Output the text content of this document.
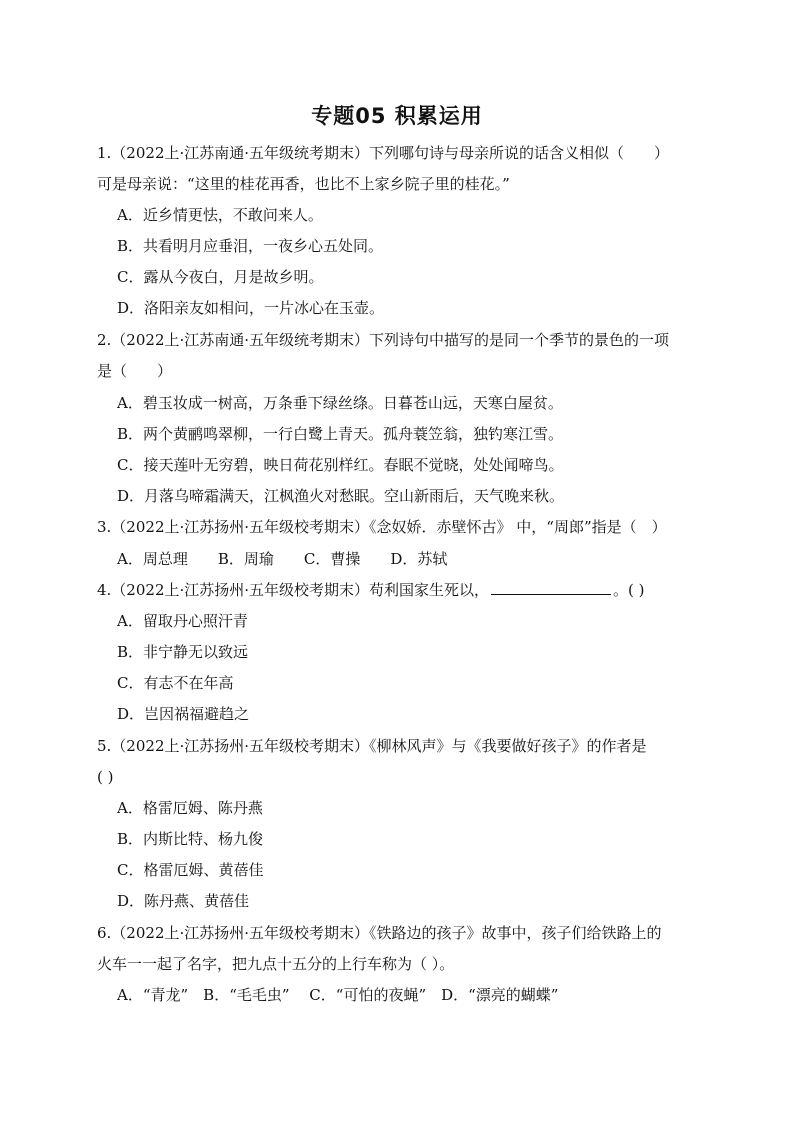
专题05 积累运用
1.（2022上·江苏南通·五年级统考期末）下列哪句诗与母亲所说的话含义相似（　　）
可是母亲说：“这里的桂花再香，也比不上家乡院子里的桂花。”
A．近乡情更怯，不敢问来人。
B．共看明月应垂泪，一夜乡心五处同。
C．露从今夜白，月是故乡明。
D．洛阳亲友如相问，一片冰心在玉壶。
2.（2022上·江苏南通·五年级统考期末）下列诗句中描写的是同一个季节的景色的一项
是（　　）
A．碧玉妆成一树高，万条垂下绿丝绦。日暮苍山远，天寒白屋贫。
B．两个黄鹂鸣翠柳，一行白鹭上青天。孤舟蓑笠翁，独钓寒江雪。
C．接天莲叶无穷碧，映日荷花别样红。春眠不觉晓，处处闻啼鸟。
D．月落乌啼霜满天，江枫渔火对愁眠。空山新雨后，天气晚来秋。
3.（2022上·江苏扬州·五年级校考期末）《念奴娇．赤壁怀古》 中，“周郎”指是（　）
A．周总理　　B．周瑜　　C．曹操　　D．苏轼
4.（2022上·江苏扬州·五年级校考期末）苟利国家生死以，	。( )
A．留取丹心照汗青
B．非宁静无以致远
C．有志不在年高
D．岂因祸福避趋之
5.（2022上·江苏扬州·五年级校考期末）《柳林风声》与《我要做好孩子》的作者是
( )
A．格雷厄姆、陈丹燕
B．内斯比特、杨九俊
C．格雷厄姆、黄蓓佳
D．陈丹燕、黄蓓佳
6.（2022上·江苏扬州·五年级校考期末）《铁路边的孩子》故事中，孩子们给铁路上的
火车一一起了名字，把九点十五分的上行车称为（ ）。
A．“青龙”　B．“毛毛虫”　 C．“可怕的夜蝇”　D．“漂亮的蝴蝶”
